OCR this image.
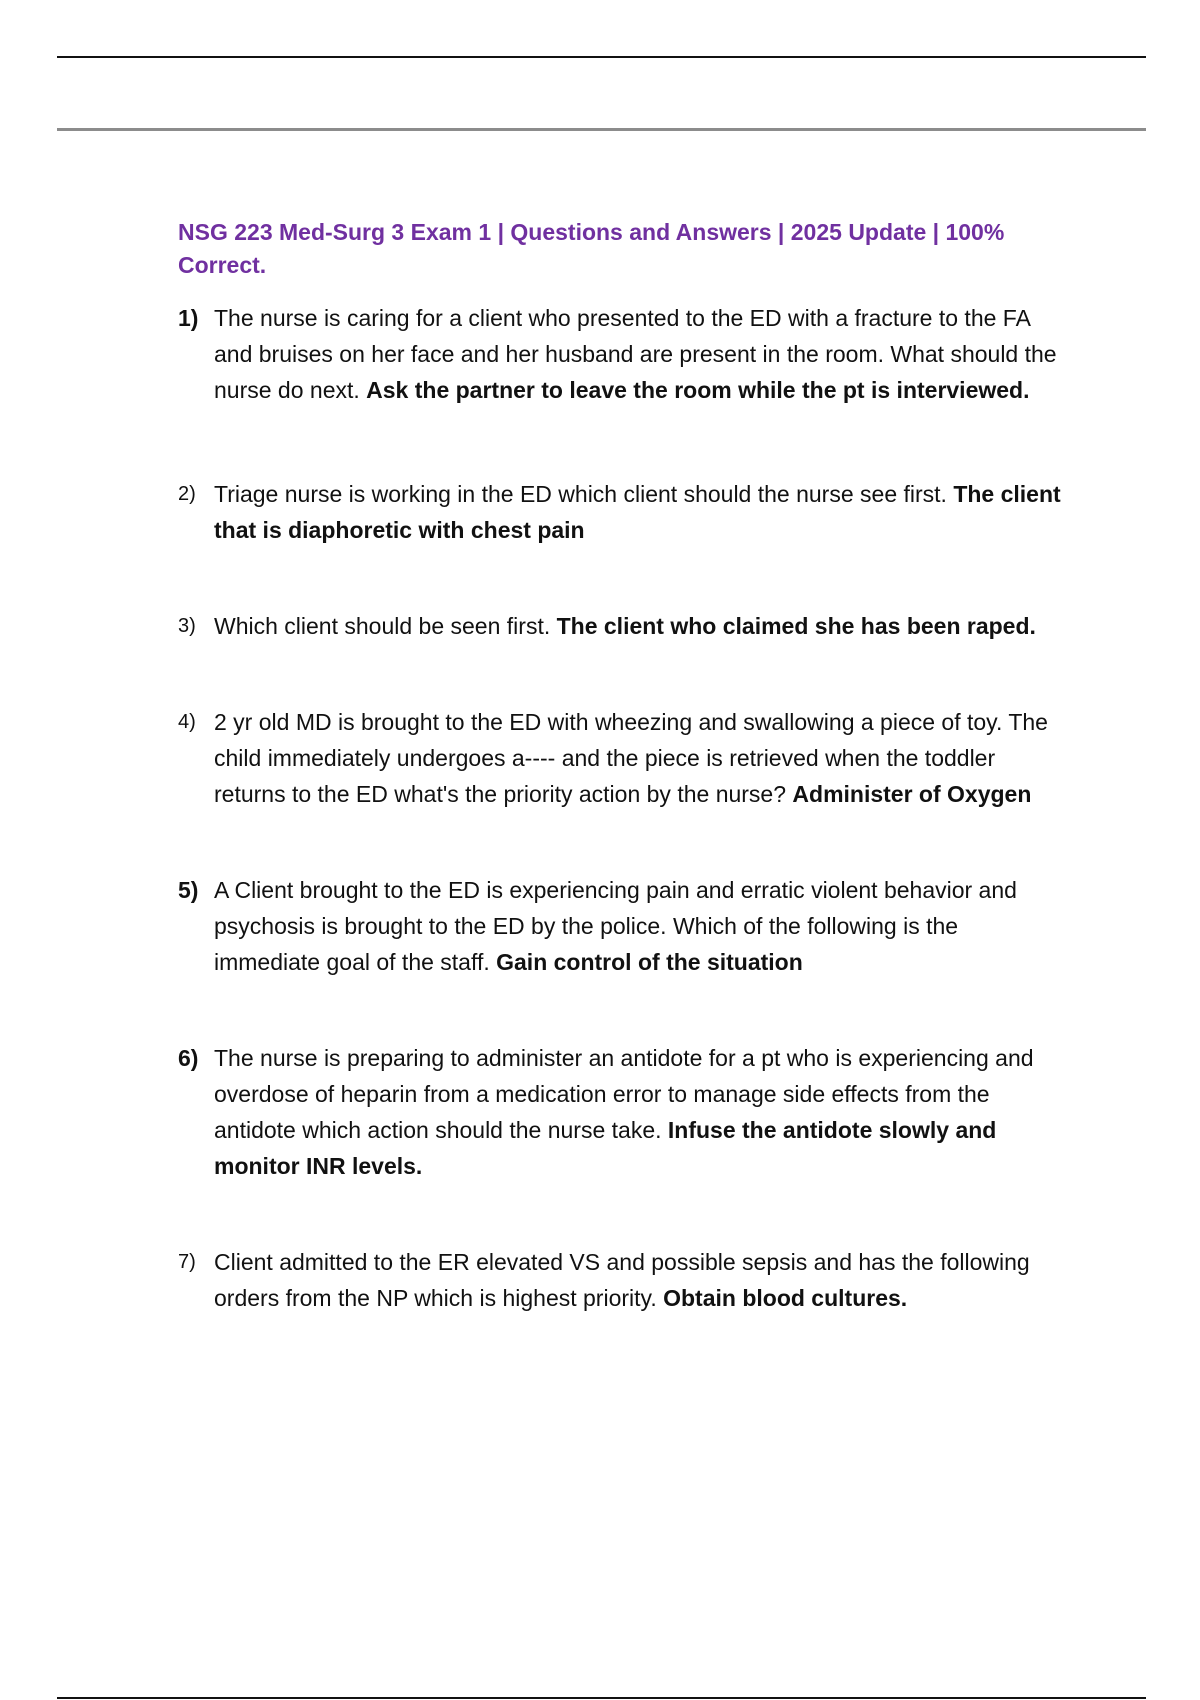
NSG 223 Med-Surg 3 Exam 1 | Questions and Answers | 2025 Update | 100% Correct.
1) The nurse is caring for a client who presented to the ED with a fracture to the FA and bruises on her face and her husband are present in the room. What should the nurse do next. Ask the partner to leave the room while the pt is interviewed.
2) Triage nurse is working in the ED which client should the nurse see first. The client that is diaphoretic with chest pain
3) Which client should be seen first. The client who claimed she has been raped.
4) 2 yr old MD is brought to the ED with wheezing and swallowing a piece of toy. The child immediately undergoes a---- and the piece is retrieved when the toddler returns to the ED what's the priority action by the nurse? Administer of Oxygen
5) A Client brought to the ED is experiencing pain and erratic violent behavior and psychosis is brought to the ED by the police. Which of the following is the immediate goal of the staff. Gain control of the situation
6) The nurse is preparing to administer an antidote for a pt who is experiencing and overdose of heparin from a medication error to manage side effects from the antidote which action should the nurse take. Infuse the antidote slowly and monitor INR levels.
7) Client admitted to the ER elevated VS and possible sepsis and has the following orders from the NP which is highest priority. Obtain blood cultures.
